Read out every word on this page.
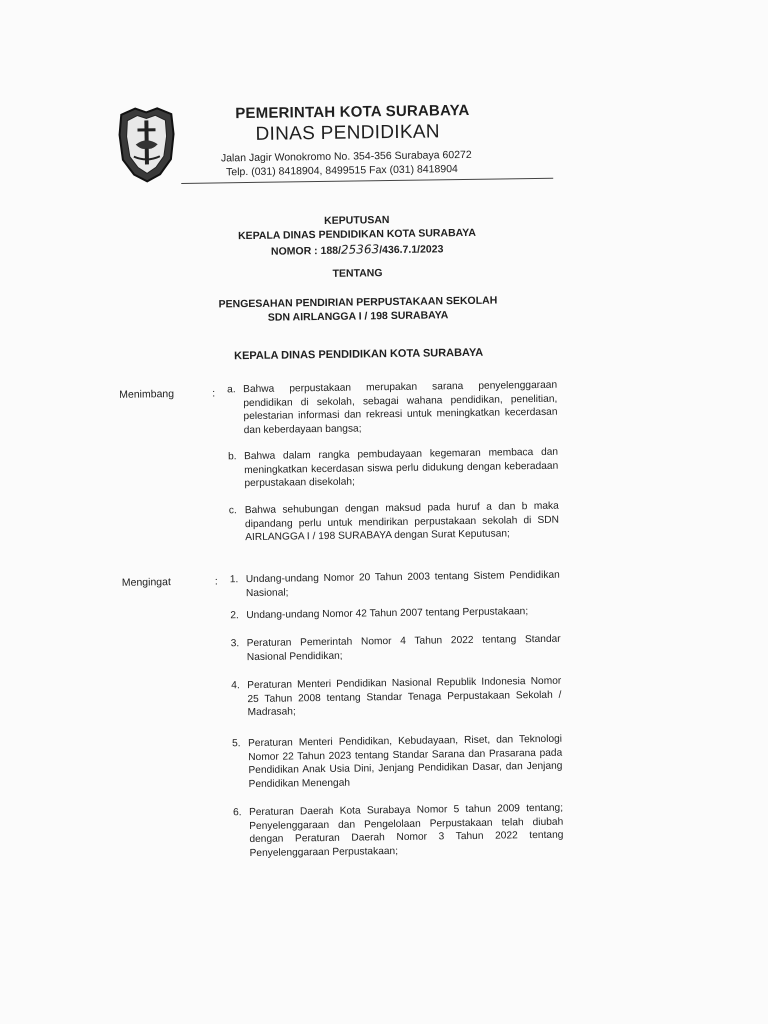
PEMERINTAH KOTA SURABAYA
DINAS PENDIDIKAN
Jalan Jagir Wonokromo No. 354-356 Surabaya 60272
Telp. (031) 8418904, 8499515 Fax (031) 8418904
KEPUTUSAN
KEPALA DINAS PENDIDIKAN KOTA SURABAYA
NOMOR : 188/25363/436.7.1/2023
TENTANG
PENGESAHAN PENDIRIAN PERPUSTAKAAN SEKOLAH
SDN AIRLANGGA I / 198 SURABAYA
KEPALA DINAS PENDIDIKAN KOTA SURABAYA
Menimbang	: a. Bahwa perpustakaan merupakan sarana penyelenggaraan pendidikan di sekolah, sebagai wahana pendidikan, penelitian, pelestarian informasi dan rekreasi untuk meningkatkan kecerdasan dan keberdayaan bangsa;
b. Bahwa dalam rangka pembudayaan kegemaran membaca dan meningkatkan kecerdasan siswa perlu didukung dengan keberadaan perpustakaan disekolah;
c. Bahwa sehubungan dengan maksud pada huruf a dan b maka dipandang perlu untuk mendirikan perpustakaan sekolah di SDN AIRLANGGA I / 198 SURABAYA dengan Surat Keputusan;
Mengingat	: 1. Undang-undang Nomor 20 Tahun 2003 tentang Sistem Pendidikan Nasional;
2. Undang-undang Nomor 42 Tahun 2007 tentang Perpustakaan;
3. Peraturan Pemerintah Nomor 4 Tahun 2022 tentang Standar Nasional Pendidikan;
4. Peraturan Menteri Pendidikan Nasional Republik Indonesia Nomor 25 Tahun 2008 tentang Standar Tenaga Perpustakaan Sekolah / Madrasah;
5. Peraturan Menteri Pendidikan, Kebudayaan, Riset, dan Teknologi Nomor 22 Tahun 2023 tentang Standar Sarana dan Prasarana pada Pendidikan Anak Usia Dini, Jenjang Pendidikan Dasar, dan Jenjang Pendidikan Menengah
6. Peraturan Daerah Kota Surabaya Nomor 5 tahun 2009 tentang; Penyelenggaraan dan Pengelolaan Perpustakaan telah diubah dengan Peraturan Daerah Nomor 3 Tahun 2022 tentang Penyelenggaraan Perpustakaan;
